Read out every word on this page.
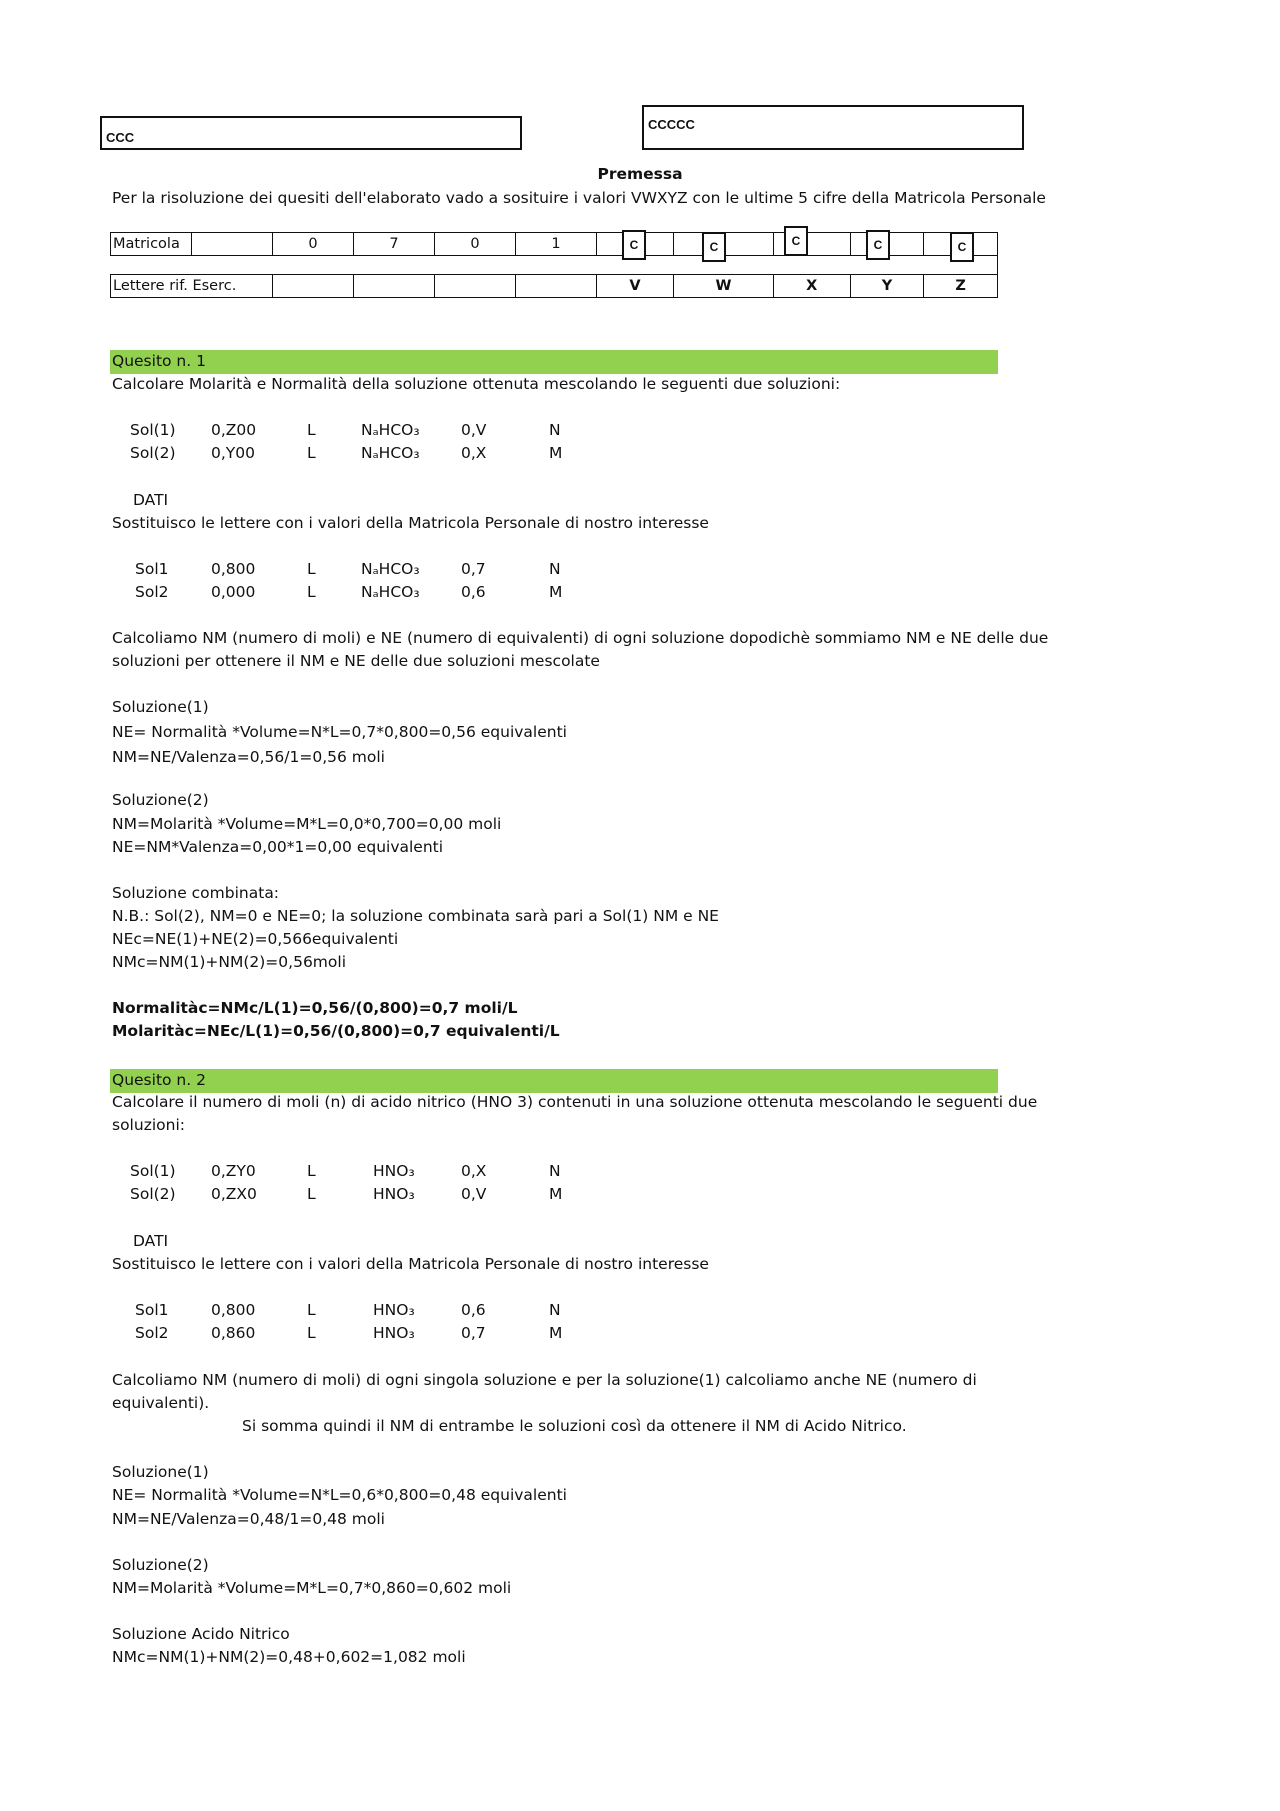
CCC
CCCCC
Premessa
Per la risoluzione dei quesiti dell'elaborato vado a sosituire i valori VWXYZ con le ultime 5 cifre della Matricola Personale
Matricola		0	7	0	1					

Lettere rif. Eserc.						V	W	X	Y	Z
C	C	C	C	C
Quesito n. 1
Calcolare Molarità e Normalità della soluzione ottenuta mescolando le seguenti due soluzioni:
Sol(1) 0,Z00	L	NₐHCO₃	0,V	N
Sol(2) 0,Y00	L	NₐHCO₃	0,X	M
DATI
Sostituisco le lettere con i valori della Matricola Personale di nostro interesse
Sol1	0,800	L	NₐHCO₃	0,7	N
Sol2	0,000	L	NₐHCO₃	0,6	M
Calcoliamo NM (numero di moli) e NE (numero di equivalenti) di ogni soluzione dopodichè sommiamo NM e NE delle due
soluzioni per ottenere il NM e NE delle due soluzioni mescolate
Soluzione(1)
NE= Normalità *Volume=N*L=0,7*0,800=0,56 equivalenti
NM=NE/Valenza=0,56/1=0,56 moli
Soluzione(2)
NM=Molarità *Volume=M*L=0,0*0,700=0,00 moli
NE=NM*Valenza=0,00*1=0,00 equivalenti
Soluzione combinata:
N.B.: Sol(2), NM=0 e NE=0; la soluzione combinata sarà pari a Sol(1) NM e NE
NEc=NE(1)+NE(2)=0,566equivalenti
NMc=NM(1)+NM(2)=0,56moli
Normalitàc=NMc/L(1)=0,56/(0,800)=0,7 moli/L
Molaritàc=NEc/L(1)=0,56/(0,800)=0,7 equivalenti/L
Quesito n. 2
Calcolare il numero di moli (n) di acido nitrico (HNO 3) contenuti in una soluzione ottenuta mescolando le seguenti due
soluzioni:
Sol(1) 0,ZY0	L	HNO₃	0,X	N
Sol(2) 0,ZX0	L	HNO₃	0,V	M
DATI
Sostituisco le lettere con i valori della Matricola Personale di nostro interesse
Sol1	0,800	L	HNO₃	0,6	N
Sol2	0,860	L	HNO₃	0,7	M
Calcoliamo NM (numero di moli) di ogni singola soluzione e per la soluzione(1) calcoliamo anche NE (numero di
equivalenti).
Si somma quindi il NM di entrambe le soluzioni così da ottenere il NM di Acido Nitrico.
Soluzione(1)
NE= Normalità *Volume=N*L=0,6*0,800=0,48 equivalenti
NM=NE/Valenza=0,48/1=0,48 moli
Soluzione(2)
NM=Molarità *Volume=M*L=0,7*0,860=0,602 moli
Soluzione Acido Nitrico
NMc=NM(1)+NM(2)=0,48+0,602=1,082 moli
